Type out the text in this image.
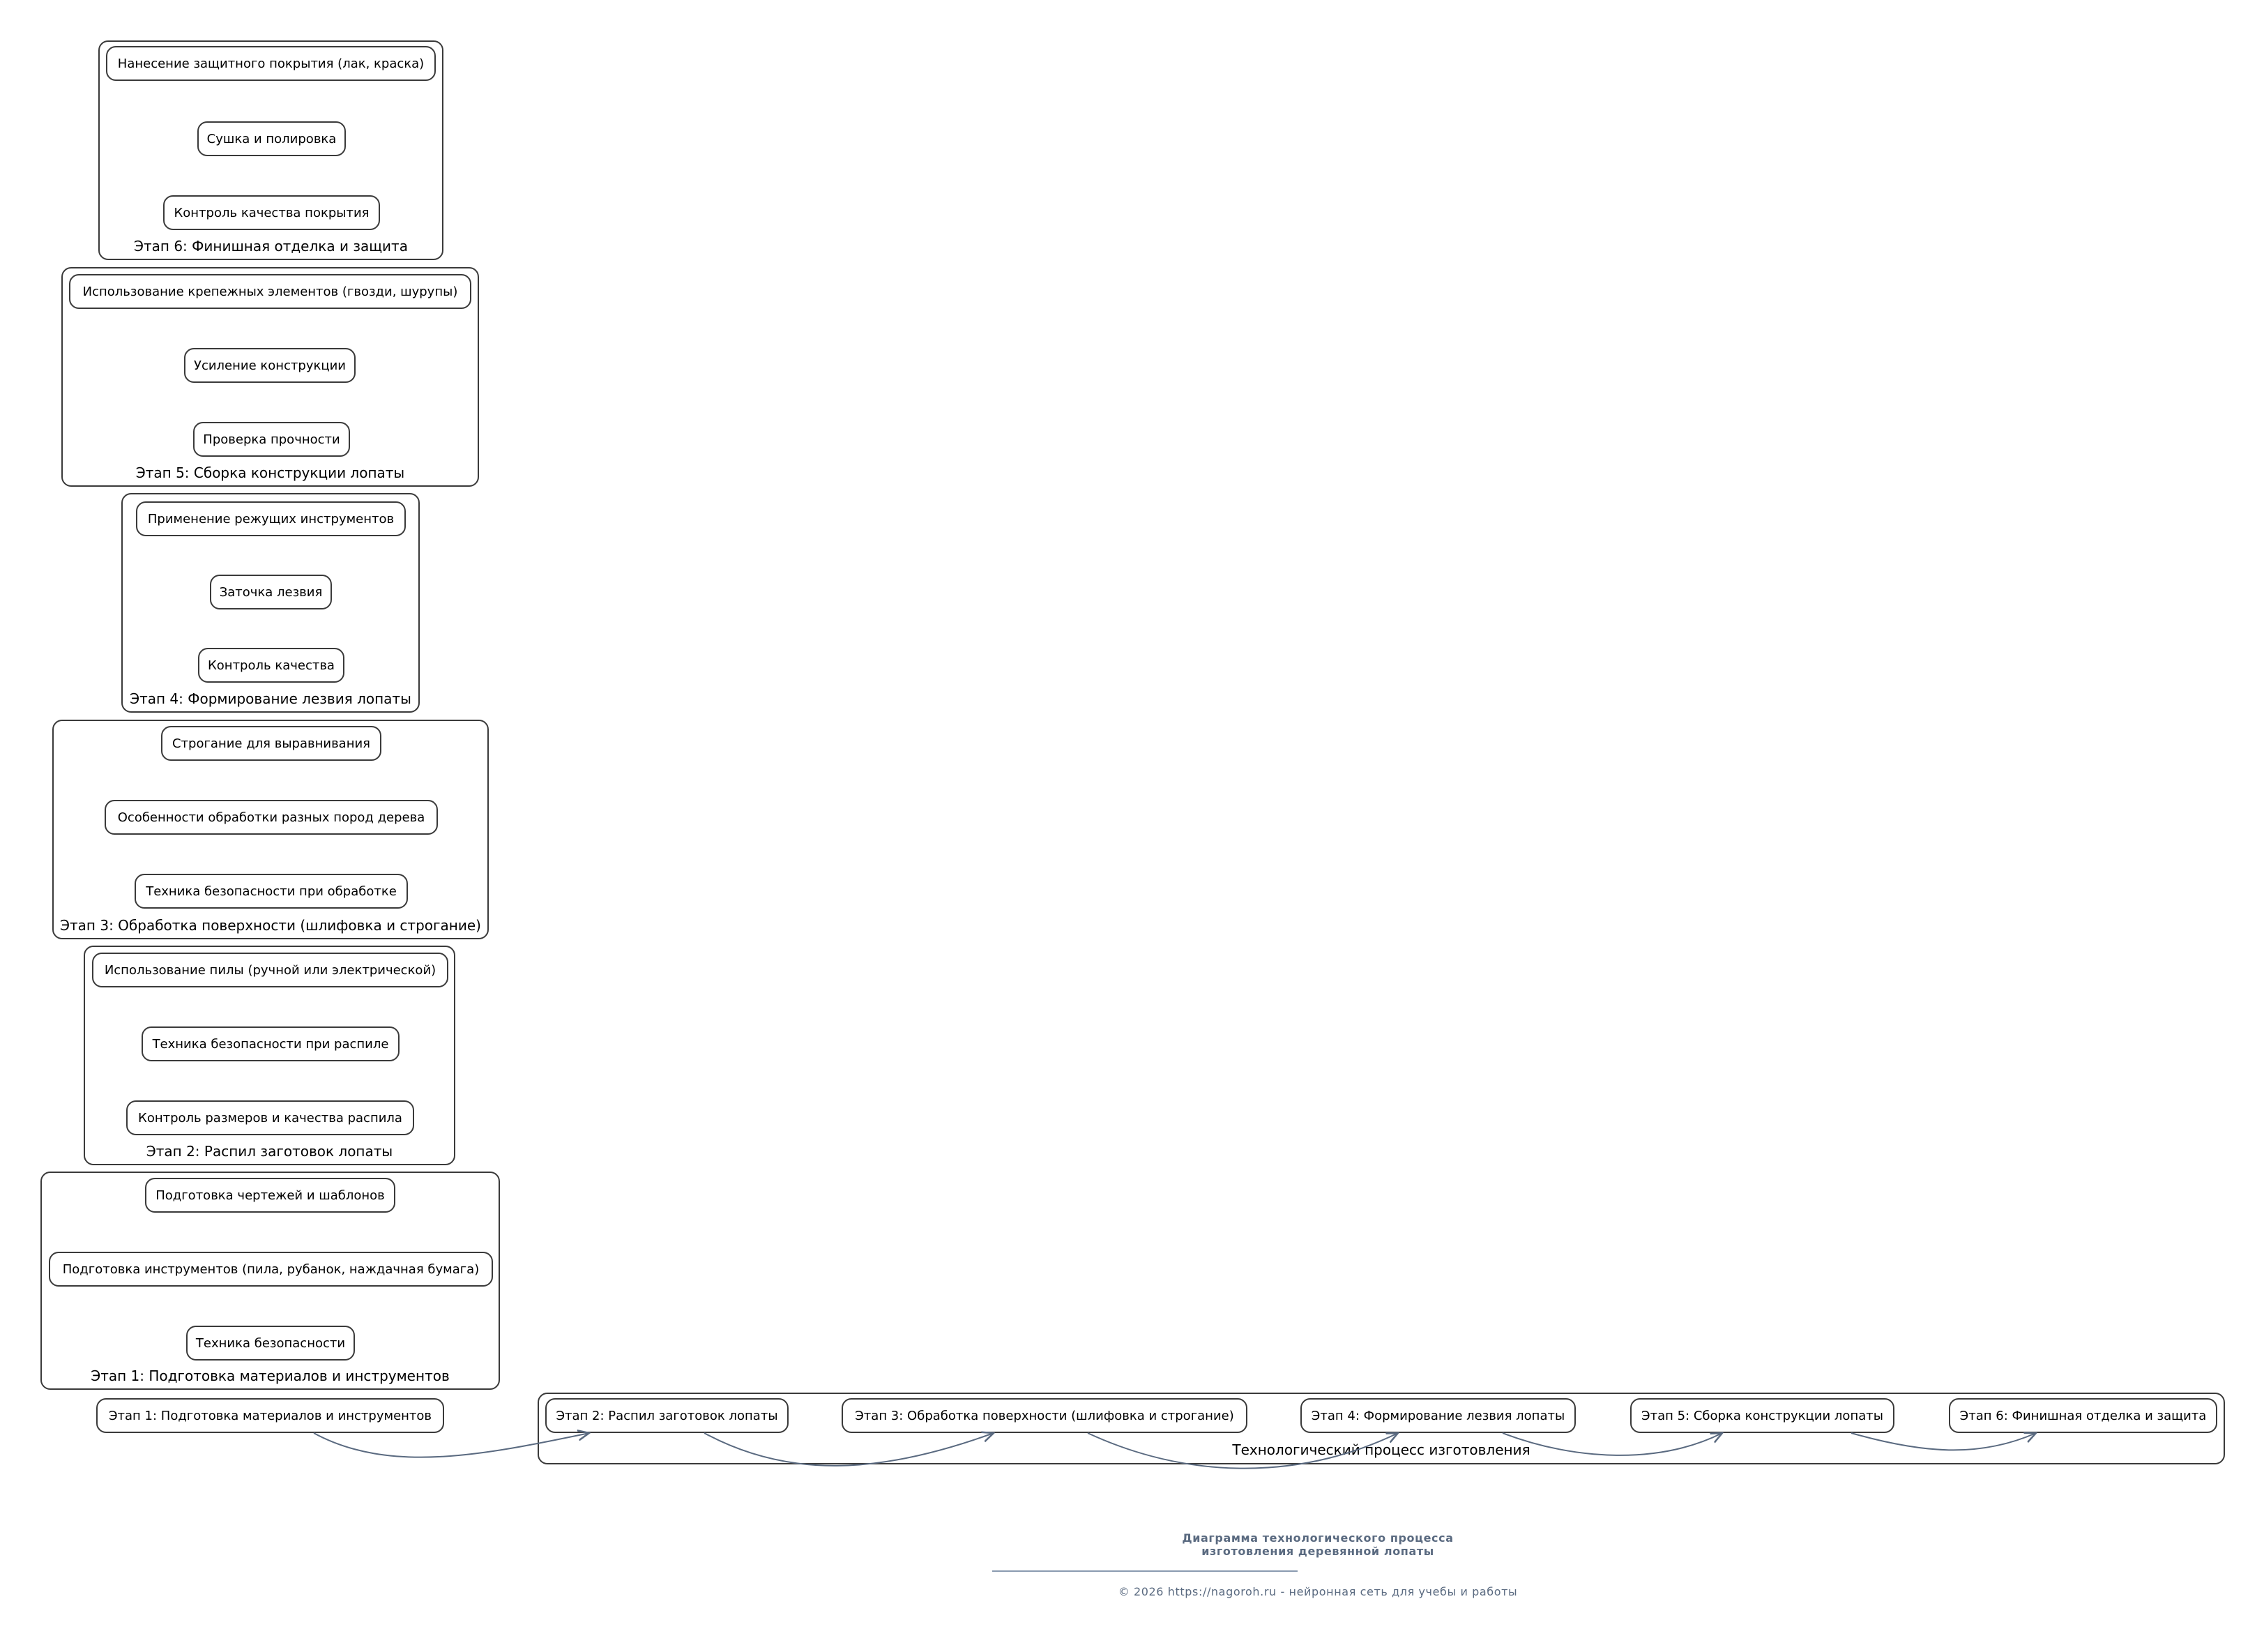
Нанесение защитного покрытия (лак, краска)
Сушка и полировка
Контроль качества покрытия
Этап 6: Финишная отделка и защита
Использование крепежных элементов (гвозди, шурупы)
Усиление конструкции
Проверка прочности
Этап 5: Сборка конструкции лопаты
Применение режущих инструментов
Заточка лезвия
Контроль качества
Этап 4: Формирование лезвия лопаты
Строгание для выравнивания
Особенности обработки разных пород дерева
Техника безопасности при обработке
Этап 3: Обработка поверхности (шлифовка и строгание)
Использование пилы (ручной или электрической)
Техника безопасности при распиле
Контроль размеров и качества распила
Этап 2: Распил заготовок лопаты
Подготовка чертежей и шаблонов
Подготовка инструментов (пила, рубанок, наждачная бумага)
Техника безопасности
Этап 1: Подготовка материалов и инструментов
Этап 1: Подготовка материалов и инструментов
Технологический процесс изготовления
Этап 2: Распил заготовок лопаты	Этап 3: Обработка поверхности (шлифовка и строгание)	Этап 4: Формирование лезвия лопаты	Этап 5: Сборка конструкции лопаты	Этап 6: Финишная отделка и защита
Диаграмма технологического процесса
изготовления деревянной лопаты
© 2026 https://nagoroh.ru - нейронная сеть для учебы и работы
